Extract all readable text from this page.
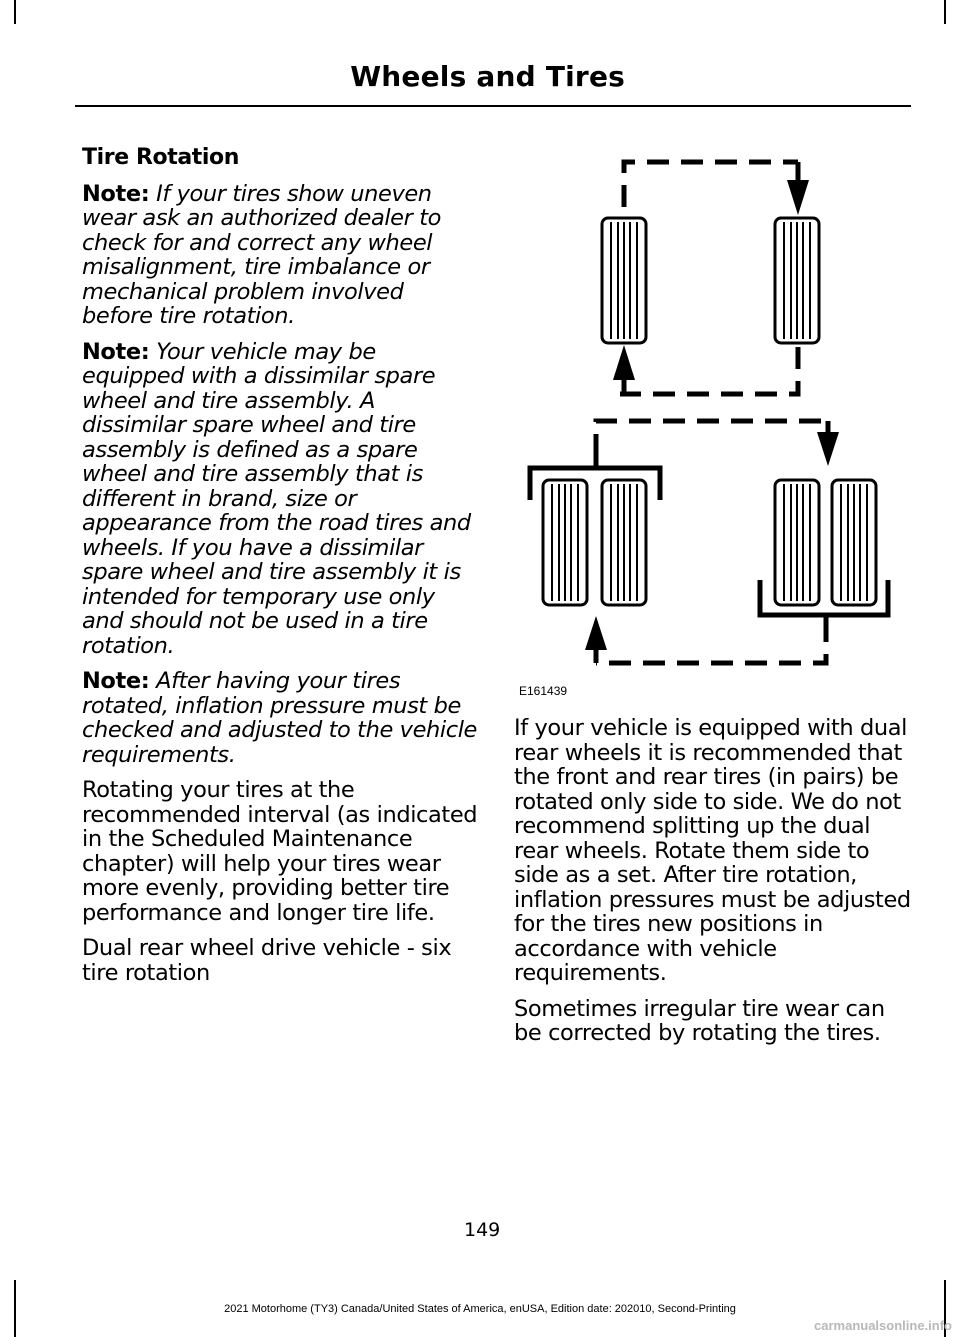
Wheels and Tires
Tire Rotation

Note: If your tires show uneven wear ask an authorized dealer to check for and correct any wheel misalignment, tire imbalance or mechanical problem involved before tire rotation.

Note: Your vehicle may be equipped with a dissimilar spare wheel and tire assembly. A dissimilar spare wheel and tire assembly is defined as a spare wheel and tire assembly that is different in brand, size or appearance from the road tires and wheels. If you have a dissimilar spare wheel and tire assembly it is intended for temporary use only and should not be used in a tire rotation.

Note: After having your tires rotated, inflation pressure must be checked and adjusted to the vehicle requirements.

Rotating your tires at the recommended interval (as indicated in the Scheduled Maintenance chapter) will help your tires wear more evenly, providing better tire performance and longer tire life.

Dual rear wheel drive vehicle - six tire rotation

E161439

If your vehicle is equipped with dual rear wheels it is recommended that the front and rear tires (in pairs) be rotated only side to side. We do not recommend splitting up the dual rear wheels. Rotate them side to side as a set. After tire rotation, inflation pressures must be adjusted for the tires new positions in accordance with vehicle requirements.

Sometimes irregular tire wear can be corrected by rotating the tires.

149
2021 Motorhome (TY3) Canada/United States of America, enUSA, Edition date: 202010, Second-Printing
carmanualsonline.info
